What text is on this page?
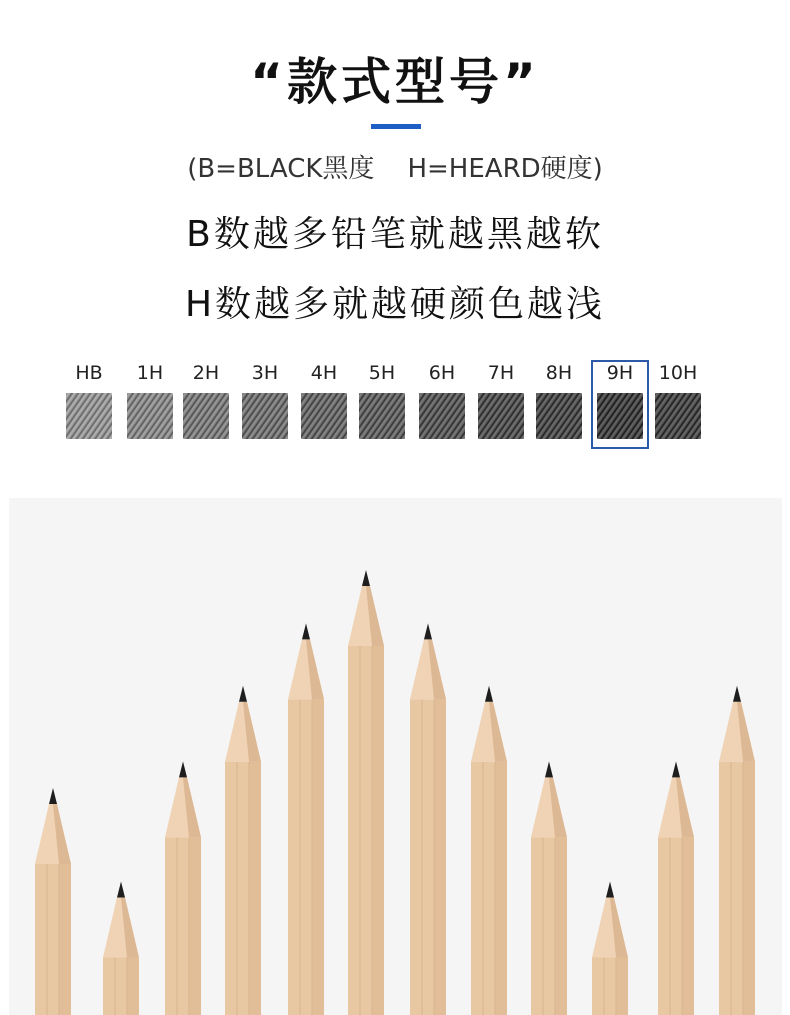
“款式型号”
(B=BLACK黑度    H=HEARD硬度)
B数越多铅笔就越黑越软
H数越多就越硬颜色越浅
HB	1H	2H	3H	4H	5H	6H	7H	8H	9H	10H
